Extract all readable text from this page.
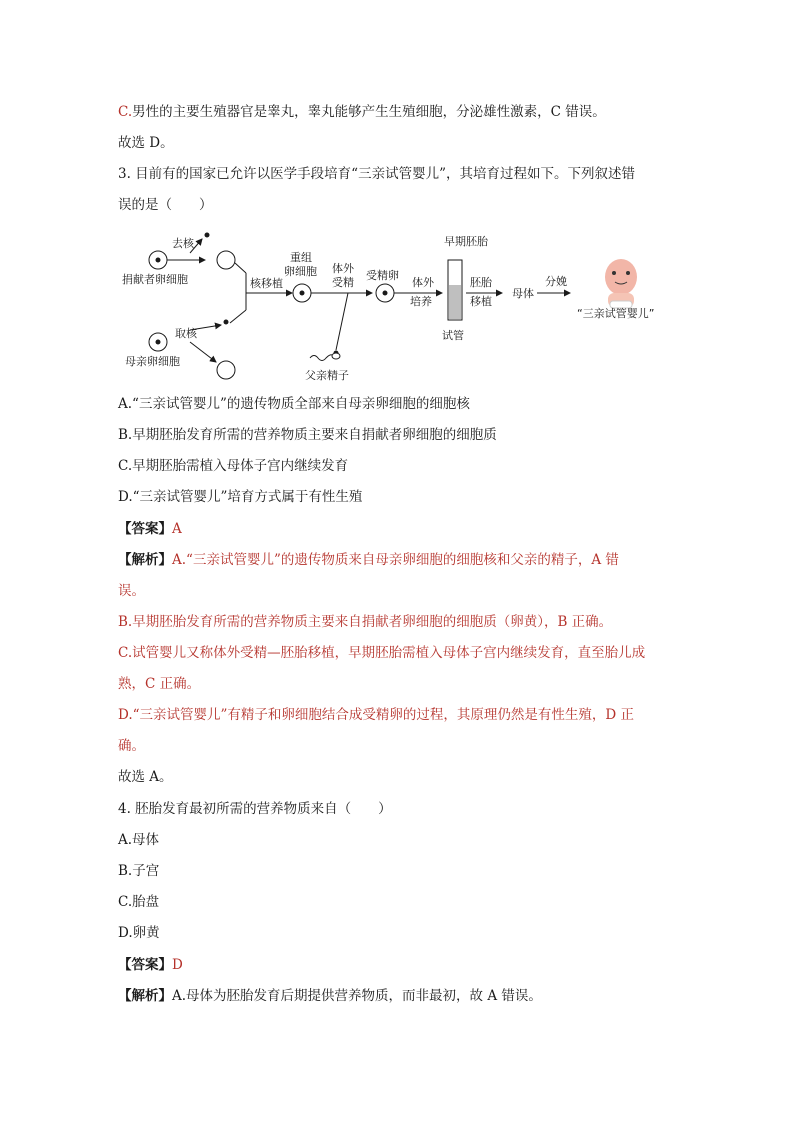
C.男性的主要生殖器官是睾丸，睾丸能够产生生殖细胞，分泌雄性激素，C 错误。
故选 D。
3. 目前有的国家已允许以医学手段培育“三亲试管婴儿”，其培育过程如下。下列叙述错
误的是（　　）
去核
捐献者卵细胞
取核
母亲卵细胞
核移植
重组
卵细胞 体外
受精
受精卵
体外
培养
早期胚胎
试管
胚胎
移植
母体
分娩
父亲精子
“三亲试管婴儿”
A.“三亲试管婴儿”的遗传物质全部来自母亲卵细胞的细胞核
B.早期胚胎发育所需的营养物质主要来自捐献者卵细胞的细胞质
C.早期胚胎需植入母体子宫内继续发育
D.“三亲试管婴儿”培育方式属于有性生殖
【答案】A
【解析】A.“三亲试管婴儿”的遗传物质来自母亲卵细胞的细胞核和父亲的精子，A 错
误。
B.早期胚胎发育所需的营养物质主要来自捐献者卵细胞的细胞质（卵黄），B 正确。
C.试管婴儿又称体外受精—胚胎移植，早期胚胎需植入母体子宫内继续发育，直至胎儿成
熟，C 正确。
D.“三亲试管婴儿”有精子和卵细胞结合成受精卵的过程，其原理仍然是有性生殖，D 正
确。
故选 A。
4. 胚胎发育最初所需的营养物质来自（　　）
A.母体
B.子宫
C.胎盘
D.卵黄
【答案】D
【解析】A.母体为胚胎发育后期提供营养物质，而非最初，故 A 错误。
